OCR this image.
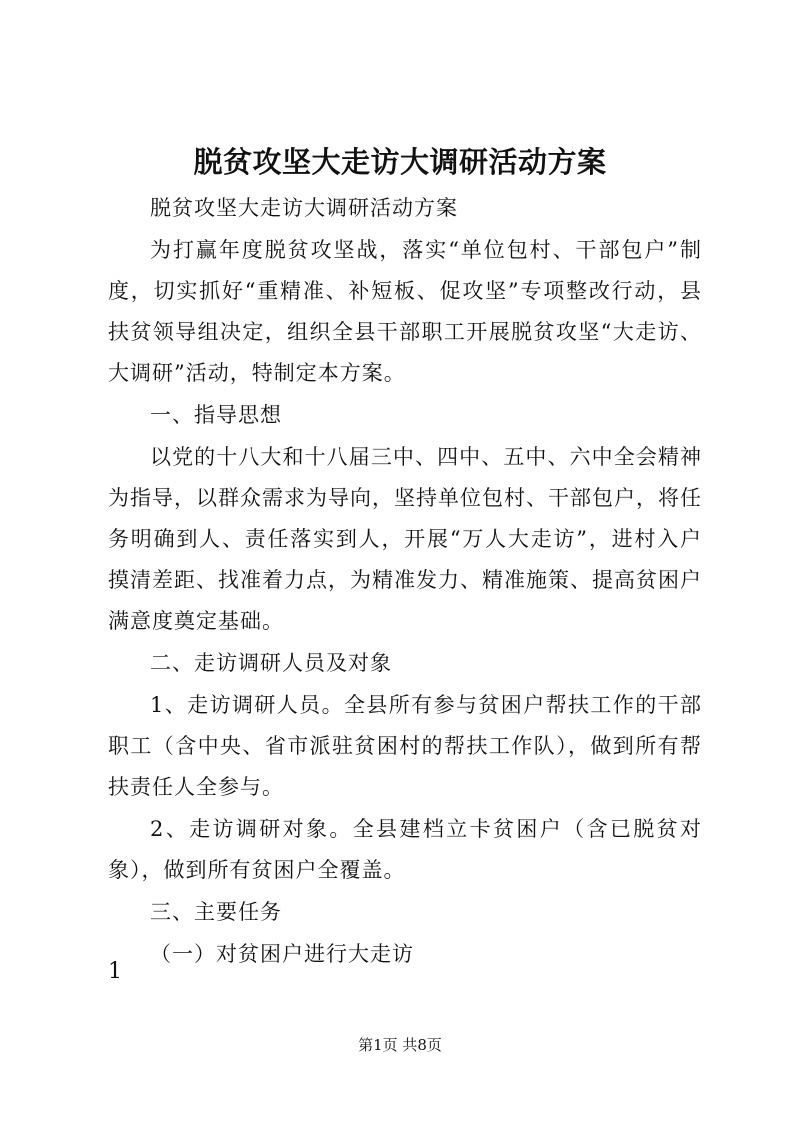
脱贫攻坚大走访大调研活动方案

脱贫攻坚大走访大调研活动方案

为打赢年度脱贫攻坚战，落实“单位包村、干部包户”制度，切实抓好“重精准、补短板、促攻坚”专项整改行动，县扶贫领导组决定，组织全县干部职工开展脱贫攻坚“大走访、大调研”活动，特制定本方案。

一、指导思想

以党的十八大和十八届三中、四中、五中、六中全会精神为指导，以群众需求为导向，坚持单位包村、干部包户，将任务明确到人、责任落实到人，开展“万人大走访”，进村入户摸清差距、找准着力点，为精准发力、精准施策、提高贫困户满意度奠定基础。

二、走访调研人员及对象

1、走访调研人员。全县所有参与贫困户帮扶工作的干部职工（含中央、省市派驻贫困村的帮扶工作队），做到所有帮扶责任人全参与。

2、走访调研对象。全县建档立卡贫困户（含已脱贫对象），做到所有贫困户全覆盖。

三、主要任务

（一）对贫困户进行大走访

1
第1页 共8页
